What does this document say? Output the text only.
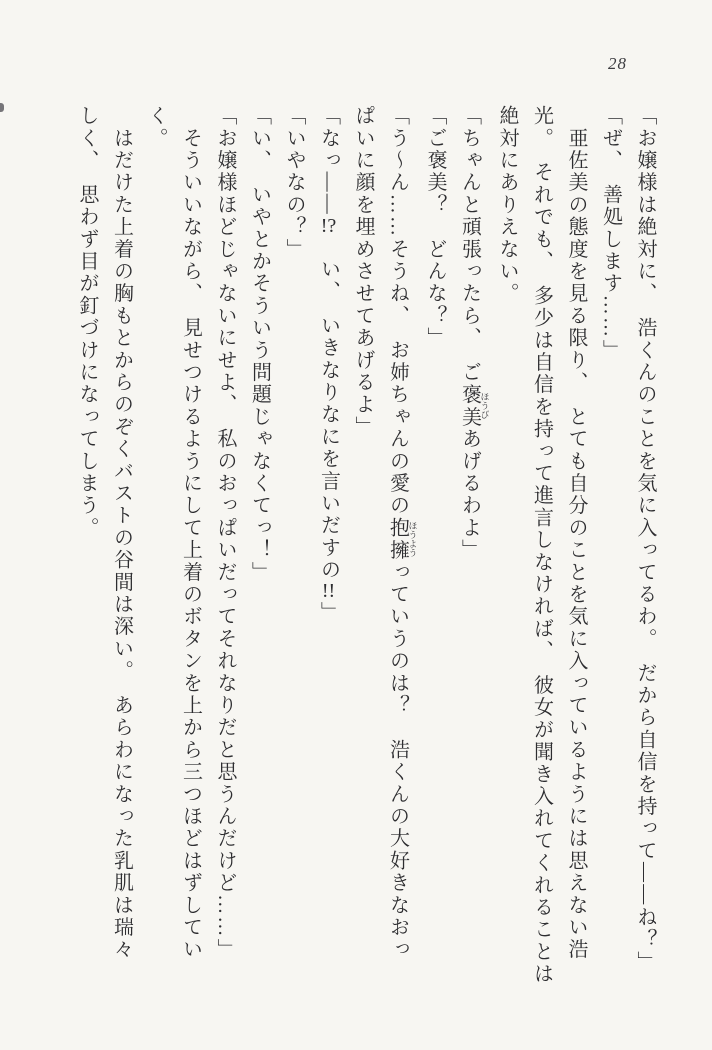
28

「お嬢様は絶対に、　浩くんのことを気に入ってるわ。　だから自信を持って――ね？」

「ぜ、　善処します……」

　亜佐美の態度を見る限り、　とても自分のことを気に入っているようには思えない浩

光。　それでも、　多少は自信を持って進言しなければ、　彼女が聞き入れてくれることは

絶対にありえない。

「ちゃんと頑張ったら、　ご褒美 ほうびあげるわよ」

「ご褒美？　どんな？」

「う〜ん……そうね、　お姉ちゃんの愛の抱擁 ほうようっていうのは？　浩くんの大好きなおっ

ぱいに顔を埋めさせてあげるよ」

「なっ――!?　い、　いきなりなにを言いだすの!!」

「いやなの？」

「い、　いやとかそういう問題じゃなくてっ！」

「お嬢様ほどじゃないにせよ、　私のおっぱいだってそれなりだと思うんだけど……」

　そういいながら、　見せつけるようにして上着のボタンを上から三つほどはずしてい

く。

　はだけた上着の胸もとからのぞくバストの谷間は深い。　あらわになった乳肌は瑞々

しく、　思わず目が釘づけになってしまう。
